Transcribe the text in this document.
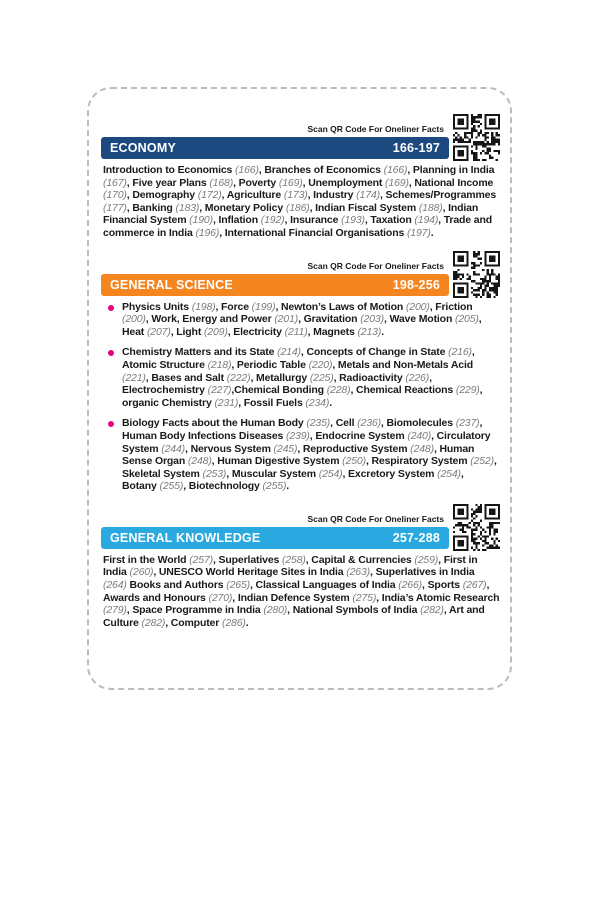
Scan QR Code For Oneliner Facts
ECONOMY	166-197
Introduction to Economics (166), Branches of Economics (166), Planning in India (167), Five year Plans (168), Poverty (169), Unemployment (169), National Income (170), Demography (172), Agriculture (173), Industry (174), Schemes/Programmes (177), Banking (183), Monetary Policy (186), Indian Fiscal System (188), Indian Financial System (190), Inflation (192), Insurance (193), Taxation (194), Trade and commerce in India (196), International Financial Organisations (197).
Scan QR Code For Oneliner Facts
GENERAL SCIENCE	198-256
Physics Units (198), Force (199), Newton’s Laws of Motion (200), Friction (200), Work, Energy and Power (201), Gravitation (203), Wave Motion (205), Heat (207), Light (209), Electricity (211), Magnets (213).
Chemistry Matters and its State (214), Concepts of Change in State (216), Atomic Structure (218), Periodic Table (220), Metals and Non-Metals Acid (221), Bases and Salt (222), Metallurgy (225), Radioactivity (226), Electrochemistry (227),Chemical Bonding (228), Chemical Reactions (229), organic Chemistry (231), Fossil Fuels (234).
Biology Facts about the Human Body (235), Cell (236), Biomolecules (237), Human Body Infections Diseases (239), Endocrine System (240), Circulatory System (244), Nervous System (245), Reproductive System (248), Human Sense Organ (248), Human Digestive System (250), Respiratory System (252), Skeletal System (253), Muscular System (254), Excretory System (254), Botany (255), Biotechnology (255).
Scan QR Code For Oneliner Facts
GENERAL KNOWLEDGE	257-288
First in the World (257), Superlatives (258), Capital & Currencies (259), First in India (260), UNESCO World Heritage Sites in India (263), Superlatives in India (264) Books and Authors (265), Classical Languages of India (266), Sports (267), Awards and Honours (270), Indian Defence System (275), India’s Atomic Research (279), Space Programme in India (280), National Symbols of India (282), Art and Culture (282), Computer (286).
